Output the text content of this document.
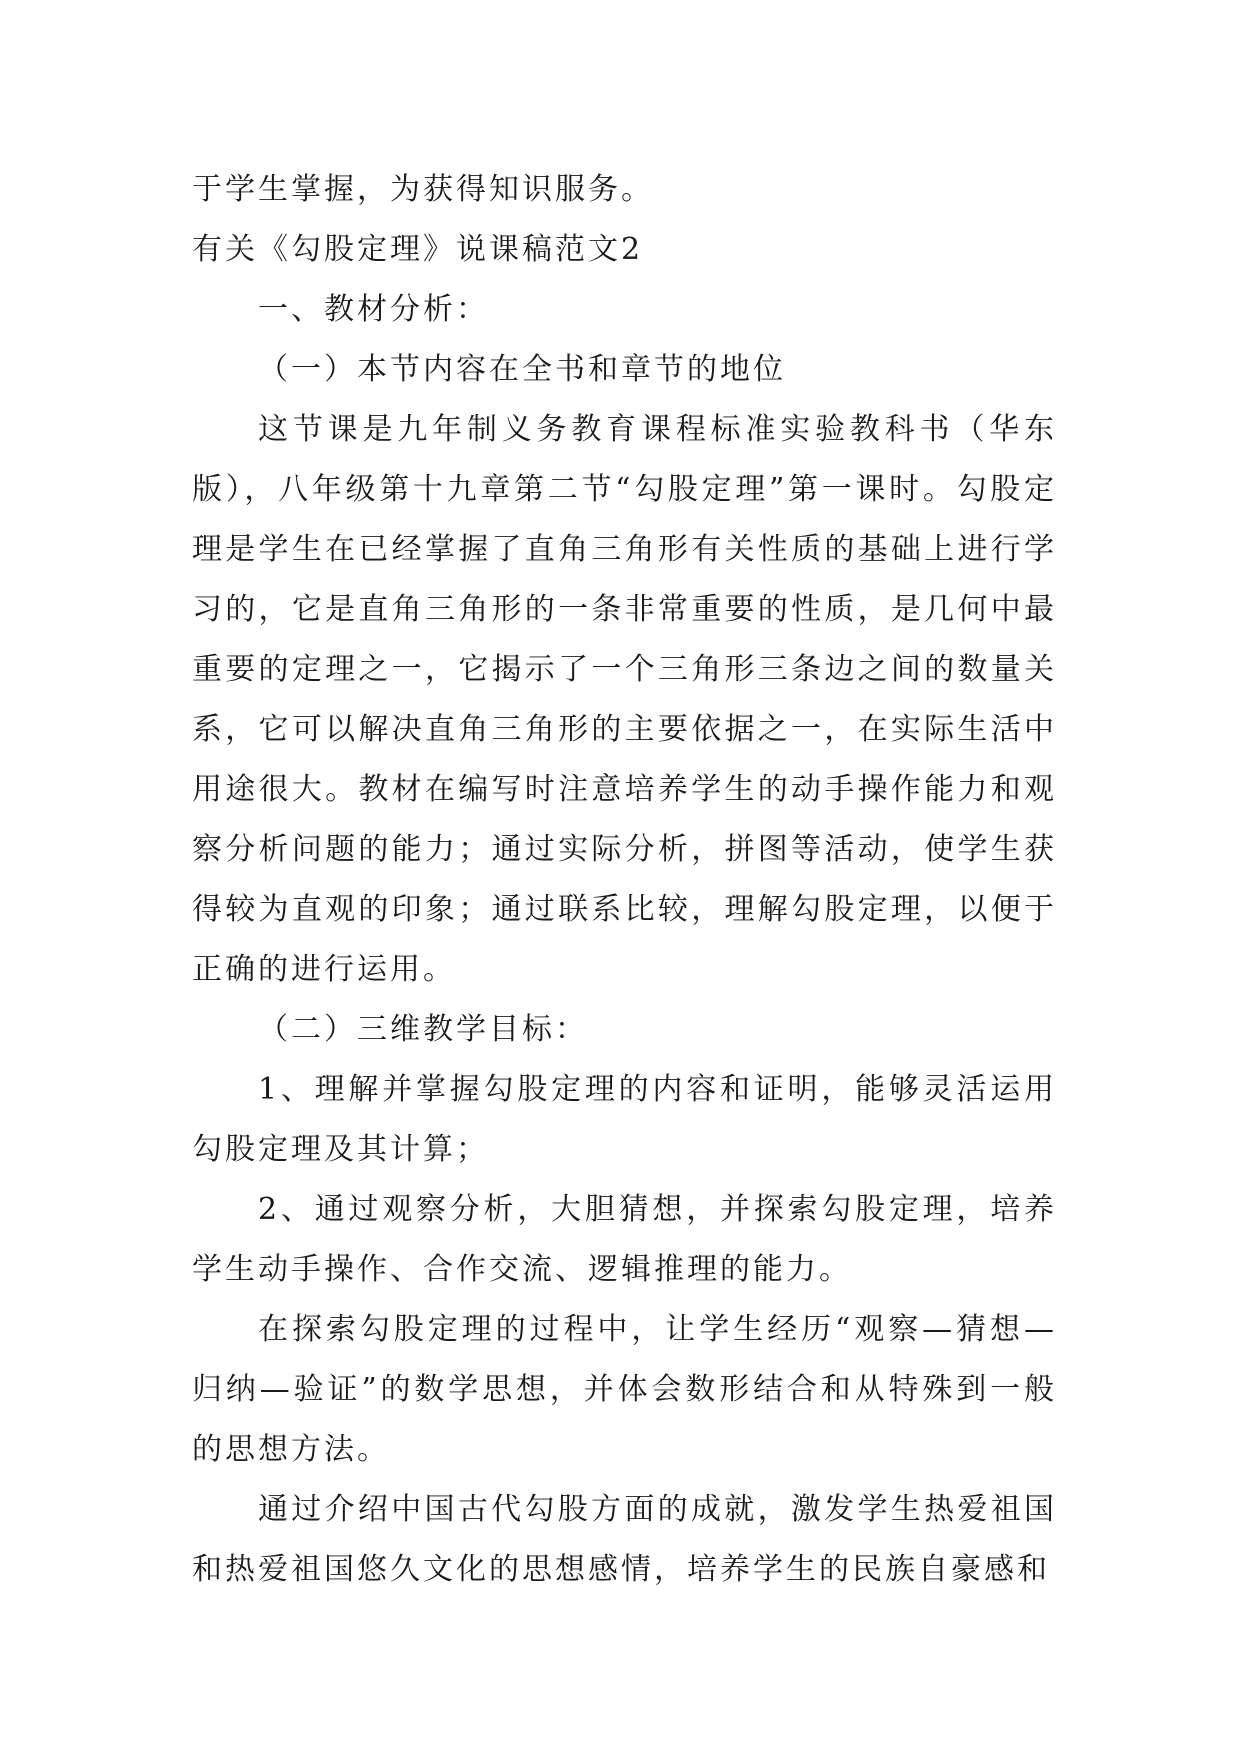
于学生掌握，为获得知识服务。

有关《勾股定理》说课稿范文2

一、教材分析：

（一）本节内容在全书和章节的地位

这节课是九年制义务教育课程标准实验教科书（华东版），八年级第十九章第二节“勾股定理”第一课时。勾股定理是学生在已经掌握了直角三角形有关性质的基础上进行学习的，它是直角三角形的一条非常重要的性质，是几何中最重要的定理之一，它揭示了一个三角形三条边之间的数量关系，它可以解决直角三角形的主要依据之一，在实际生活中用途很大。教材在编写时注意培养学生的动手操作能力和观察分析问题的能力；通过实际分析，拼图等活动，使学生获得较为直观的印象；通过联系比较，理解勾股定理，以便于正确的进行运用。

（二）三维教学目标：

1、理解并掌握勾股定理的内容和证明，能够灵活运用勾股定理及其计算；

2、通过观察分析，大胆猜想，并探索勾股定理，培养学生动手操作、合作交流、逻辑推理的能力。

在探索勾股定理的过程中，让学生经历“观察—猜想—归纳—验证”的数学思想，并体会数形结合和从特殊到一般的思想方法。

通过介绍中国古代勾股方面的成就，激发学生热爱祖国和热爱祖国悠久文化的思想感情，培养学生的民族自豪感和
